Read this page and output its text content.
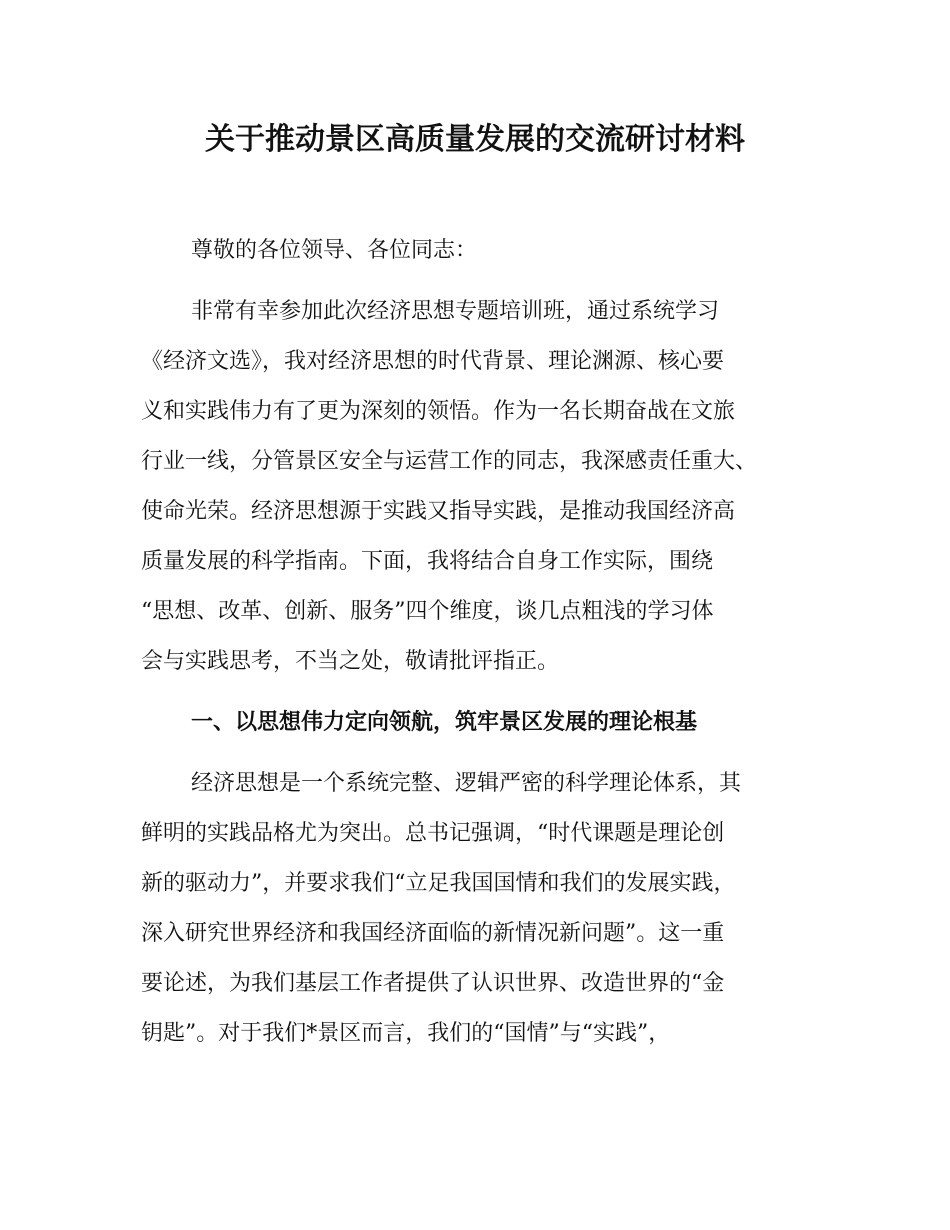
关于推动景区高质量发展的交流研讨材料
尊敬的各位领导、各位同志：
非常有幸参加此次经济思想专题培训班，通过系统学习
《经济文选》，我对经济思想的时代背景、理论渊源、核心要
义和实践伟力有了更为深刻的领悟。作为一名长期奋战在文旅
行业一线，分管景区安全与运营工作的同志，我深感责任重大、
使命光荣。经济思想源于实践又指导实践，是推动我国经济高
质量发展的科学指南。下面，我将结合自身工作实际，围绕
“思想、改革、创新、服务”四个维度，谈几点粗浅的学习体
会与实践思考，不当之处，敬请批评指正。
一、以思想伟力定向领航，筑牢景区发展的理论根基
经济思想是一个系统完整、逻辑严密的科学理论体系，其
鲜明的实践品格尤为突出。总书记强调，“时代课题是理论创
新的驱动力”，并要求我们“立足我国国情和我们的发展实践，
深入研究世界经济和我国经济面临的新情况新问题”。这一重
要论述，为我们基层工作者提供了认识世界、改造世界的“金
钥匙”。对于我们*景区而言，我们的“国情”与“实践”，
